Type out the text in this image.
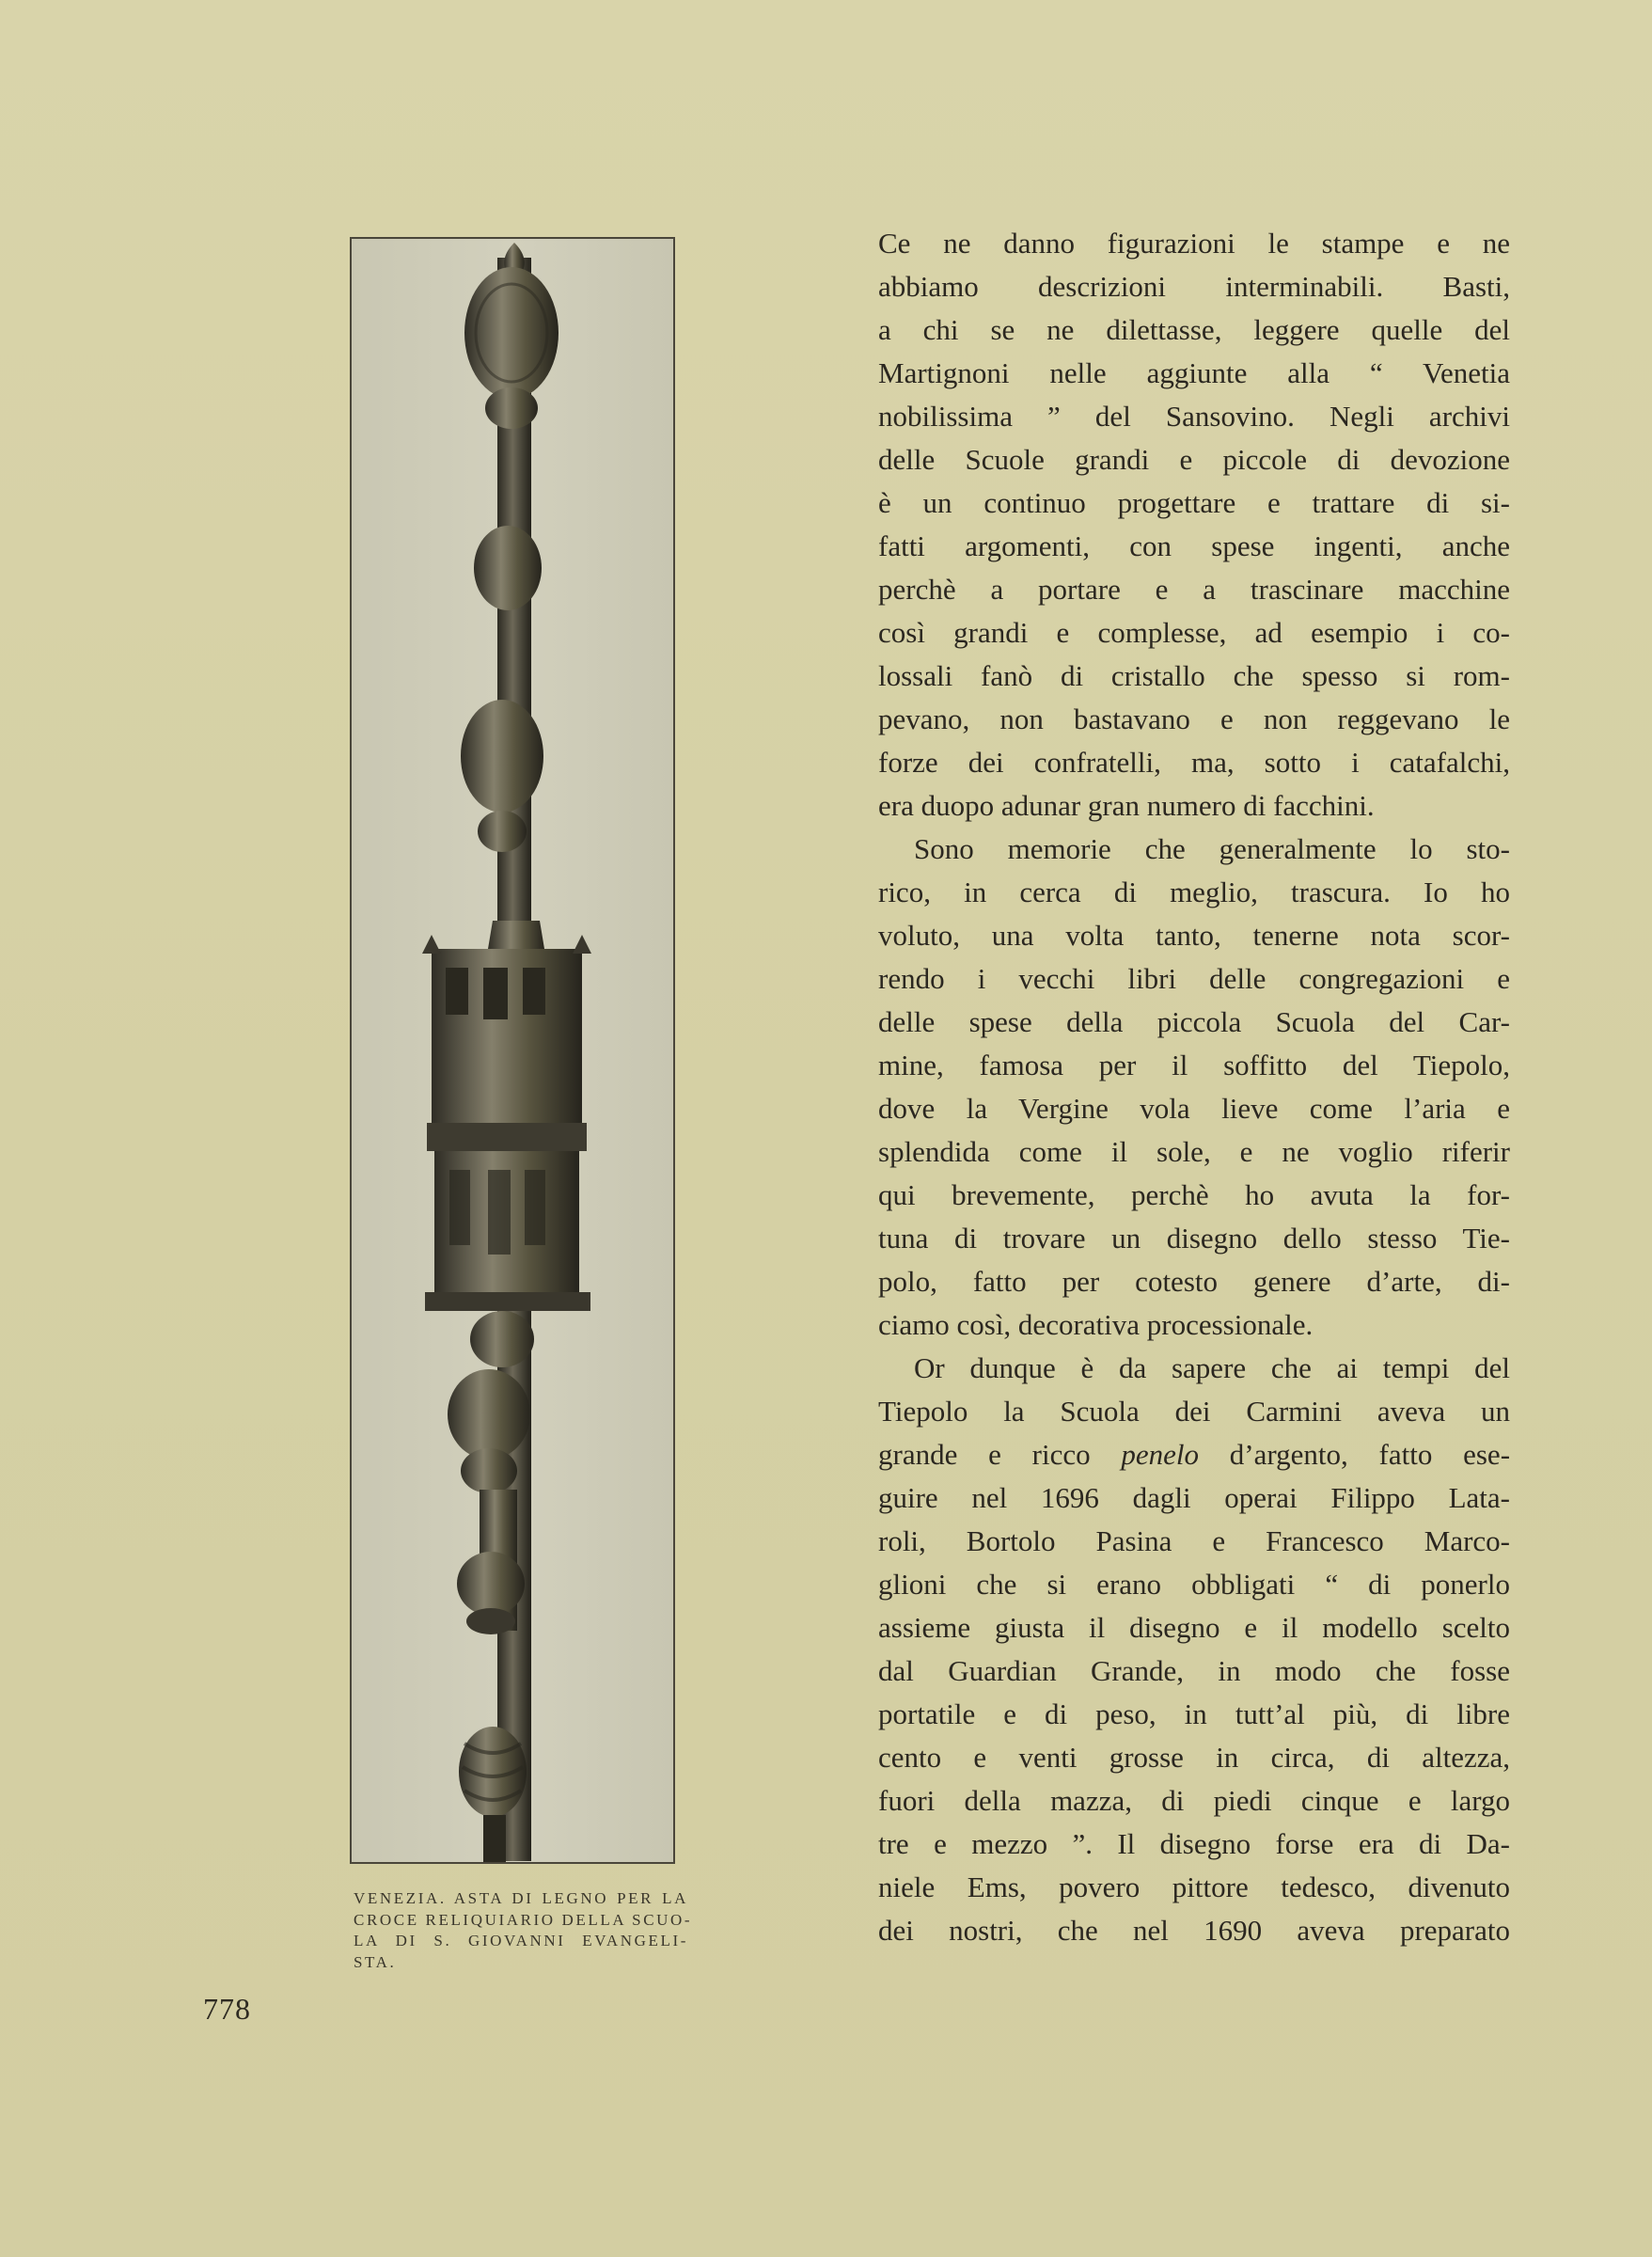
VENEZIA. ASTA DI LEGNO PER LA
CROCE RELIQUIARIO DELLA SCUO-
LA DI S. GIOVANNI EVANGELI-
STA.
778
Ce ne danno figurazioni le stampe e ne
abbiamo descrizioni interminabili. Basti,
a chi se ne dilettasse, leggere quelle del
Martignoni nelle aggiunte alla “ Venetia
nobilissima ” del Sansovino. Negli archivi
delle Scuole grandi e piccole di devozione
è un continuo progettare e trattare di si-
fatti argomenti, con spese ingenti, anche
perchè a portare e a trascinare macchine
così grandi e complesse, ad esempio i co-
lossali fanò di cristallo che spesso si rom-
pevano, non bastavano e non reggevano le
forze dei confratelli, ma, sotto i catafalchi,
era duopo adunar gran numero di facchini.
Sono memorie che generalmente lo sto-
rico, in cerca di meglio, trascura. Io ho
voluto, una volta tanto, tenerne nota scor-
rendo i vecchi libri delle congregazioni e
delle spese della piccola Scuola del Car-
mine, famosa per il soffitto del Tiepolo,
dove la Vergine vola lieve come l’aria e
splendida come il sole, e ne voglio riferir
qui brevemente, perchè ho avuta la for-
tuna di trovare un disegno dello stesso Tie-
polo, fatto per cotesto genere d’arte, di-
ciamo così, decorativa processionale.
Or dunque è da sapere che ai tempi del
Tiepolo la Scuola dei Carmini aveva un
grande e ricco penelo d’argento, fatto ese-
guire nel 1696 dagli operai Filippo Lata-
roli, Bortolo Pasina e Francesco Marco-
glioni che si erano obbligati “ di ponerlo
assieme giusta il disegno e il modello scelto
dal Guardian Grande, in modo che fosse
portatile e di peso, in tutt’al più, di libre
cento e venti grosse in circa, di altezza,
fuori della mazza, di piedi cinque e largo
tre e mezzo ”. Il disegno forse era di Da-
niele Ems, povero pittore tedesco, divenuto
dei nostri, che nel 1690 aveva preparato
